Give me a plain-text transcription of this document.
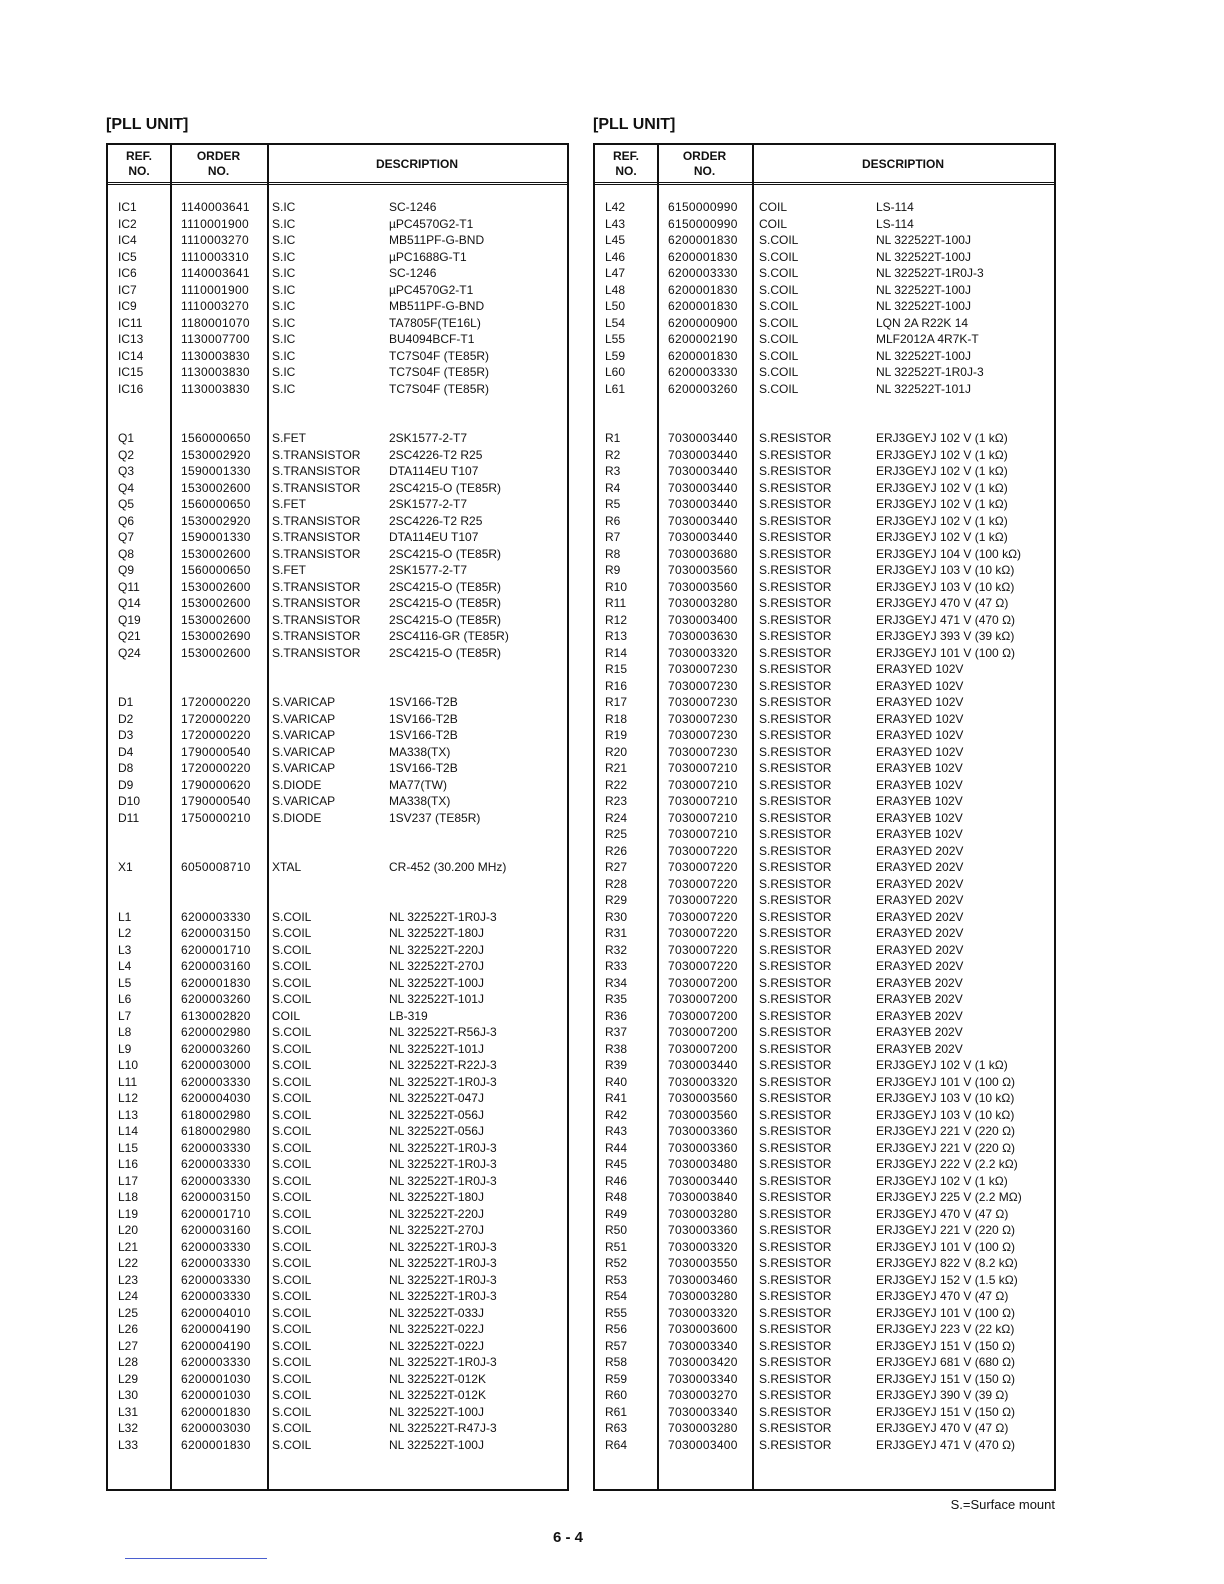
[PLL UNIT]	[PLL UNIT]
REF.
NO.
ORDER
NO.	DESCRIPTION
IC1	1140003641 S.IC	SC-1246
IC2	1110001900 S.IC	µPC4570G2-T1
IC4	1110003270 S.IC	MB511PF-G-BND
IC5	1110003310 S.IC	µPC1688G-T1
IC6	1140003641 S.IC	SC-1246
IC7	1110001900 S.IC	µPC4570G2-T1
IC9	1110003270 S.IC	MB511PF-G-BND
IC11	1180001070 S.IC	TA7805F(TE16L)
IC13	1130007700 S.IC	BU4094BCF-T1
IC14	1130003830 S.IC	TC7S04F (TE85R)
IC15	1130003830 S.IC	TC7S04F (TE85R)
IC16	1130003830 S.IC	TC7S04F (TE85R)
Q1	1560000650 S.FET	2SK1577-2-T7
Q2	1530002920 S.TRANSISTOR 2SC4226-T2 R25
Q3	1590001330 S.TRANSISTOR DTA114EU T107
Q4	1530002600 S.TRANSISTOR 2SC4215-O (TE85R)
Q5	1560000650 S.FET	2SK1577-2-T7
Q6	1530002920 S.TRANSISTOR 2SC4226-T2 R25
Q7	1590001330 S.TRANSISTOR DTA114EU T107
Q8	1530002600 S.TRANSISTOR 2SC4215-O (TE85R)
Q9	1560000650 S.FET	2SK1577-2-T7
Q11	1530002600 S.TRANSISTOR 2SC4215-O (TE85R)
Q14	1530002600 S.TRANSISTOR 2SC4215-O (TE85R)
Q19	1530002600 S.TRANSISTOR 2SC4215-O (TE85R)
Q21	1530002690 S.TRANSISTOR 2SC4116-GR (TE85R)
Q24	1530002600 S.TRANSISTOR 2SC4215-O (TE85R)
D1	1720000220 S.VARICAP	1SV166-T2B
D2	1720000220 S.VARICAP	1SV166-T2B
D3	1720000220 S.VARICAP	1SV166-T2B
D4	1790000540 S.VARICAP	MA338(TX)
D8	1720000220 S.VARICAP	1SV166-T2B
D9	1790000620 S.DIODE	MA77(TW)
D10	1790000540 S.VARICAP	MA338(TX)
D11	1750000210 S.DIODE	1SV237 (TE85R)
X1	6050008710 XTAL	CR-452 (30.200 MHz)
L1	6200003330 S.COIL	NL 322522T-1R0J-3
L2	6200003150 S.COIL	NL 322522T-180J
L3	6200001710 S.COIL	NL 322522T-220J
L4	6200003160 S.COIL	NL 322522T-270J
L5	6200001830 S.COIL	NL 322522T-100J
L6	6200003260 S.COIL	NL 322522T-101J
L7	6130002820 COIL	LB-319
L8	6200002980 S.COIL	NL 322522T-R56J-3
L9	6200003260 S.COIL	NL 322522T-101J
L10	6200003000 S.COIL	NL 322522T-R22J-3
L11	6200003330 S.COIL	NL 322522T-1R0J-3
L12	6200004030 S.COIL	NL 322522T-047J
L13	6180002980 S.COIL	NL 322522T-056J
L14	6180002980 S.COIL	NL 322522T-056J
L15	6200003330 S.COIL	NL 322522T-1R0J-3
L16	6200003330 S.COIL	NL 322522T-1R0J-3
L17	6200003330 S.COIL	NL 322522T-1R0J-3
L18	6200003150 S.COIL	NL 322522T-180J
L19	6200001710 S.COIL	NL 322522T-220J
L20	6200003160 S.COIL	NL 322522T-270J
L21	6200003330 S.COIL	NL 322522T-1R0J-3
L22	6200003330 S.COIL	NL 322522T-1R0J-3
L23	6200003330 S.COIL	NL 322522T-1R0J-3
L24	6200003330 S.COIL	NL 322522T-1R0J-3
L25	6200004010 S.COIL	NL 322522T-033J
L26	6200004190 S.COIL	NL 322522T-022J
L27	6200004190 S.COIL	NL 322522T-022J
L28	6200003330 S.COIL	NL 322522T-1R0J-3
L29	6200001030 S.COIL	NL 322522T-012K
L30	6200001030 S.COIL	NL 322522T-012K
L31	6200001830 S.COIL	NL 322522T-100J
L32	6200003030 S.COIL	NL 322522T-R47J-3
L33	6200001830 S.COIL	NL 322522T-100J
REF.
NO.
ORDER
NO.	DESCRIPTION
L42	6150000990 COIL	LS-114
L43	6150000990 COIL	LS-114
L45	6200001830 S.COIL	NL 322522T-100J
L46	6200001830 S.COIL	NL 322522T-100J
L47	6200003330 S.COIL	NL 322522T-1R0J-3
L48	6200001830 S.COIL	NL 322522T-100J
L50	6200001830 S.COIL	NL 322522T-100J
L54	6200000900 S.COIL	LQN 2A R22K 14
L55	6200002190 S.COIL	MLF2012A 4R7K-T
L59	6200001830 S.COIL	NL 322522T-100J
L60	6200003330 S.COIL	NL 322522T-1R0J-3
L61	6200003260 S.COIL	NL 322522T-101J
R1	7030003440 S.RESISTOR	ERJ3GEYJ 102 V (1 kΩ)
R2	7030003440 S.RESISTOR	ERJ3GEYJ 102 V (1 kΩ)
R3	7030003440 S.RESISTOR	ERJ3GEYJ 102 V (1 kΩ)
R4	7030003440 S.RESISTOR	ERJ3GEYJ 102 V (1 kΩ)
R5	7030003440 S.RESISTOR	ERJ3GEYJ 102 V (1 kΩ)
R6	7030003440 S.RESISTOR	ERJ3GEYJ 102 V (1 kΩ)
R7	7030003440 S.RESISTOR	ERJ3GEYJ 102 V (1 kΩ)
R8	7030003680 S.RESISTOR	ERJ3GEYJ 104 V (100 kΩ)
R9	7030003560 S.RESISTOR	ERJ3GEYJ 103 V (10 kΩ)
R10	7030003560 S.RESISTOR	ERJ3GEYJ 103 V (10 kΩ)
R11	7030003280 S.RESISTOR	ERJ3GEYJ 470 V (47 Ω)
R12	7030003400 S.RESISTOR	ERJ3GEYJ 471 V (470 Ω)
R13	7030003630 S.RESISTOR	ERJ3GEYJ 393 V (39 kΩ)
R14	7030003320 S.RESISTOR	ERJ3GEYJ 101 V (100 Ω)
R15	7030007230 S.RESISTOR	ERA3YED 102V
R16	7030007230 S.RESISTOR	ERA3YED 102V
R17	7030007230 S.RESISTOR	ERA3YED 102V
R18	7030007230 S.RESISTOR	ERA3YED 102V
R19	7030007230 S.RESISTOR	ERA3YED 102V
R20	7030007230 S.RESISTOR	ERA3YED 102V
R21	7030007210 S.RESISTOR	ERA3YEB 102V
R22	7030007210 S.RESISTOR	ERA3YEB 102V
R23	7030007210 S.RESISTOR	ERA3YEB 102V
R24	7030007210 S.RESISTOR	ERA3YEB 102V
R25	7030007210 S.RESISTOR	ERA3YEB 102V
R26	7030007220 S.RESISTOR	ERA3YED 202V
R27	7030007220 S.RESISTOR	ERA3YED 202V
R28	7030007220 S.RESISTOR	ERA3YED 202V
R29	7030007220 S.RESISTOR	ERA3YED 202V
R30	7030007220 S.RESISTOR	ERA3YED 202V
R31	7030007220 S.RESISTOR	ERA3YED 202V
R32	7030007220 S.RESISTOR	ERA3YED 202V
R33	7030007220 S.RESISTOR	ERA3YED 202V
R34	7030007200 S.RESISTOR	ERA3YEB 202V
R35	7030007200 S.RESISTOR	ERA3YEB 202V
R36	7030007200 S.RESISTOR	ERA3YEB 202V
R37	7030007200 S.RESISTOR	ERA3YEB 202V
R38	7030007200 S.RESISTOR	ERA3YEB 202V
R39	7030003440 S.RESISTOR	ERJ3GEYJ 102 V (1 kΩ)
R40	7030003320 S.RESISTOR	ERJ3GEYJ 101 V (100 Ω)
R41	7030003560 S.RESISTOR	ERJ3GEYJ 103 V (10 kΩ)
R42	7030003560 S.RESISTOR	ERJ3GEYJ 103 V (10 kΩ)
R43	7030003360 S.RESISTOR	ERJ3GEYJ 221 V (220 Ω)
R44	7030003360 S.RESISTOR	ERJ3GEYJ 221 V (220 Ω)
R45	7030003480 S.RESISTOR	ERJ3GEYJ 222 V (2.2 kΩ)
R46	7030003440 S.RESISTOR	ERJ3GEYJ 102 V (1 kΩ)
R48	7030003840 S.RESISTOR	ERJ3GEYJ 225 V (2.2 MΩ)
R49	7030003280 S.RESISTOR	ERJ3GEYJ 470 V (47 Ω)
R50	7030003360 S.RESISTOR	ERJ3GEYJ 221 V (220 Ω)
R51	7030003320 S.RESISTOR	ERJ3GEYJ 101 V (100 Ω)
R52	7030003550 S.RESISTOR	ERJ3GEYJ 822 V (8.2 kΩ)
R53	7030003460 S.RESISTOR	ERJ3GEYJ 152 V (1.5 kΩ)
R54	7030003280 S.RESISTOR	ERJ3GEYJ 470 V (47 Ω)
R55	7030003320 S.RESISTOR	ERJ3GEYJ 101 V (100 Ω)
R56	7030003600 S.RESISTOR	ERJ3GEYJ 223 V (22 kΩ)
R57	7030003340 S.RESISTOR	ERJ3GEYJ 151 V (150 Ω)
R58	7030003420 S.RESISTOR	ERJ3GEYJ 681 V (680 Ω)
R59	7030003340 S.RESISTOR	ERJ3GEYJ 151 V (150 Ω)
R60	7030003270 S.RESISTOR	ERJ3GEYJ 390 V (39 Ω)
R61	7030003340 S.RESISTOR	ERJ3GEYJ 151 V (150 Ω)
R63	7030003280 S.RESISTOR	ERJ3GEYJ 470 V (47 Ω)
R64	7030003400 S.RESISTOR	ERJ3GEYJ 471 V (470 Ω)
S.=Surface mount
6 - 4
